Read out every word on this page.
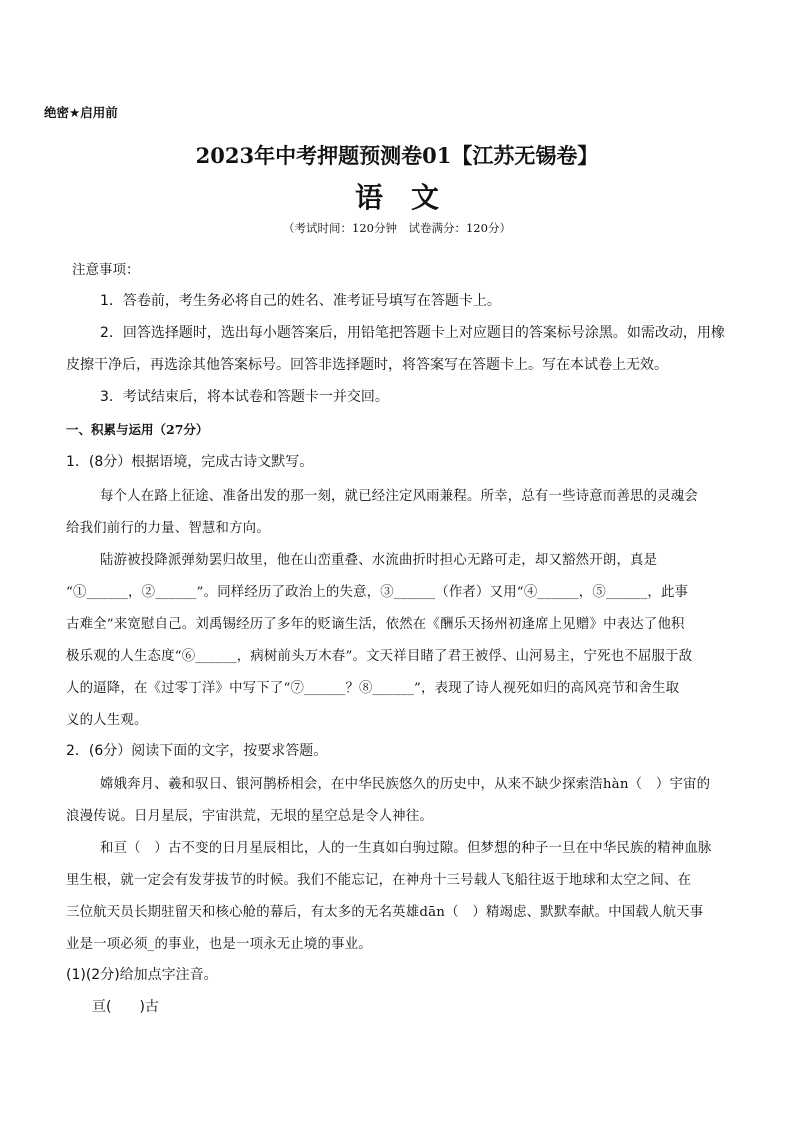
绝密★启用前
2023年中考押题预测卷01【江苏无锡卷】
语　文
（考试时间：120分钟　试卷满分：120分）
注意事项：
1．答卷前，考生务必将自己的姓名、准考证号填写在答题卡上。
2．回答选择题时，选出每小题答案后，用铅笔把答题卡上对应题目的答案标号涂黑。如需改动，用橡
皮擦干净后，再选涂其他答案标号。回答非选择题时，将答案写在答题卡上。写在本试卷上无效。
3．考试结束后，将本试卷和答题卡一并交回。
一、积累与运用（27分）
1．(8分）根据语境，完成古诗文默写。
每个人在路上征途、准备出发的那一刻，就已经注定风雨兼程。所幸，总有一些诗意而善思的灵魂会
给我们前行的力量、智慧和方向。
陆游被投降派弹劾罢归故里，他在山峦重叠、水流曲折时担心无路可走，却又豁然开朗，真是
“①______，②______”。同样经历了政治上的失意，③______（作者）又用“④______，⑤______，此事
古难全”来宽慰自己。刘禹锡经历了多年的贬谪生活，依然在《酬乐天扬州初逢席上见赠》中表达了他积
极乐观的人生态度“⑥______，病树前头万木春”。文天祥目睹了君王被俘、山河易主，宁死也不屈服于敌
人的逼降，在《过零丁洋》中写下了“⑦______？⑧______”，表现了诗人视死如归的高风亮节和舍生取
义的人生观。
2．(6分）阅读下面的文字，按要求答题。
嫦娥奔月、羲和驭日、银河鹊桥相会，在中华民族悠久的历史中，从来不缺少探索浩hàn（　）宇宙的
浪漫传说。日月星辰，宇宙洪荒，无垠的星空总是令人神往。
和亘（　）古不变的日月星辰相比，人的一生真如白驹过隙。但梦想的种子一旦在中华民族的精神血脉
里生根，就一定会有发芽拔节的时候。我们不能忘记，在神舟十三号载人飞船往返于地球和太空之间、在
三位航天员长期驻留天和核心舱的幕后，有太多的无名英雄dān（　）精竭虑、默默奉献。中国载人航天事
业是一项必须_的事业，也是一项永无止境的事业。
(1)(2分)给加点字注音。
亘(　　)古
